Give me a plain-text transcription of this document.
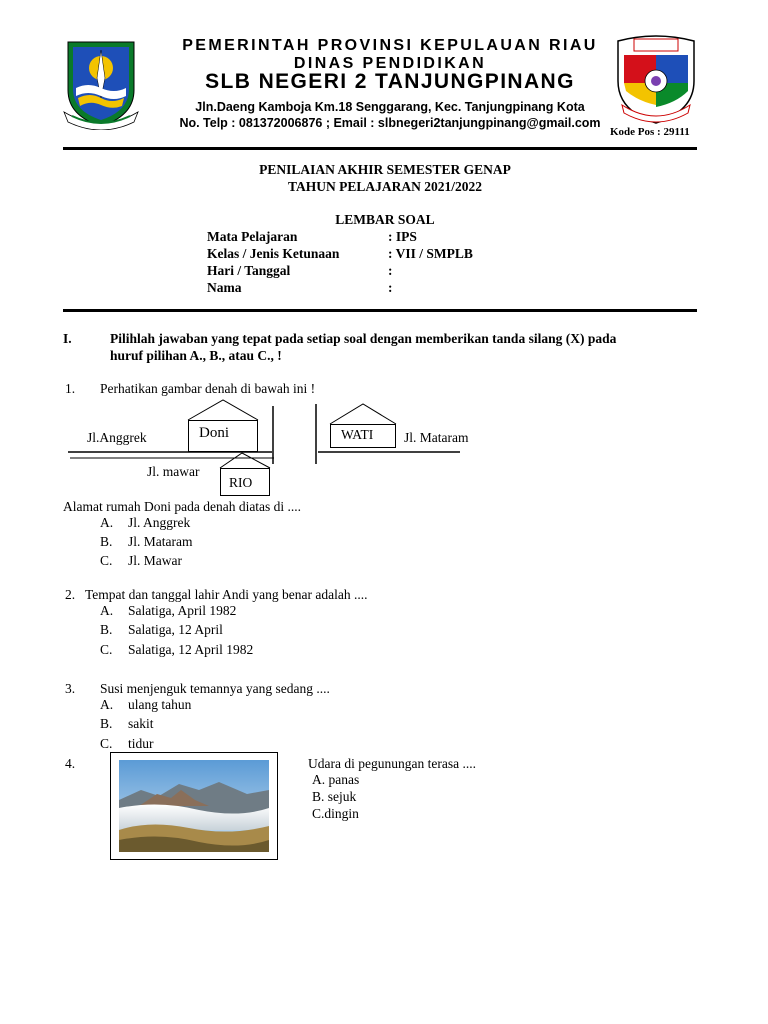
PEMERINTAH PROVINSI KEPULAUAN RIAU
DINAS PENDIDIKAN
SLB NEGERI 2 TANJUNGPINANG
Jln.Daeng Kamboja Km.18 Senggarang, Kec. Tanjungpinang Kota
No. Telp : 081372006876 ; Email : slbnegeri2tanjungpinang@gmail.com
Kode Pos : 29111
PENILAIAN AKHIR SEMESTER GENAP
TAHUN PELAJARAN 2021/2022
LEMBAR SOAL
Mata Pelajaran	: IPS
Kelas / Jenis Ketunaan	: VII / SMPLB
Hari / Tanggal	:
Nama	:
I.	Pilihlah jawaban yang tepat pada setiap soal dengan memberikan tanda silang (X) pada
huruf pilihan A., B., atau C., !
1. Perhatikan gambar denah di bawah ini !
Doni	WATI
RIO
Jl.Anggrek	Jl. Mataram
Jl. mawar
Alamat rumah Doni pada denah diatas di ....
A. Jl. Anggrek
B. Jl. Mataram
C. Jl. Mawar
2. Tempat dan tanggal lahir Andi yang benar adalah ....
A. Salatiga, April 1982
B. Salatiga, 12 April
C. Salatiga, 12 April 1982
3. Susi menjenguk temannya yang sedang ....
A. ulang tahun
B. sakit
C. tidur
4.	Udara di pegunungan terasa ....
A. panas
B. sejuk
C.dingin
